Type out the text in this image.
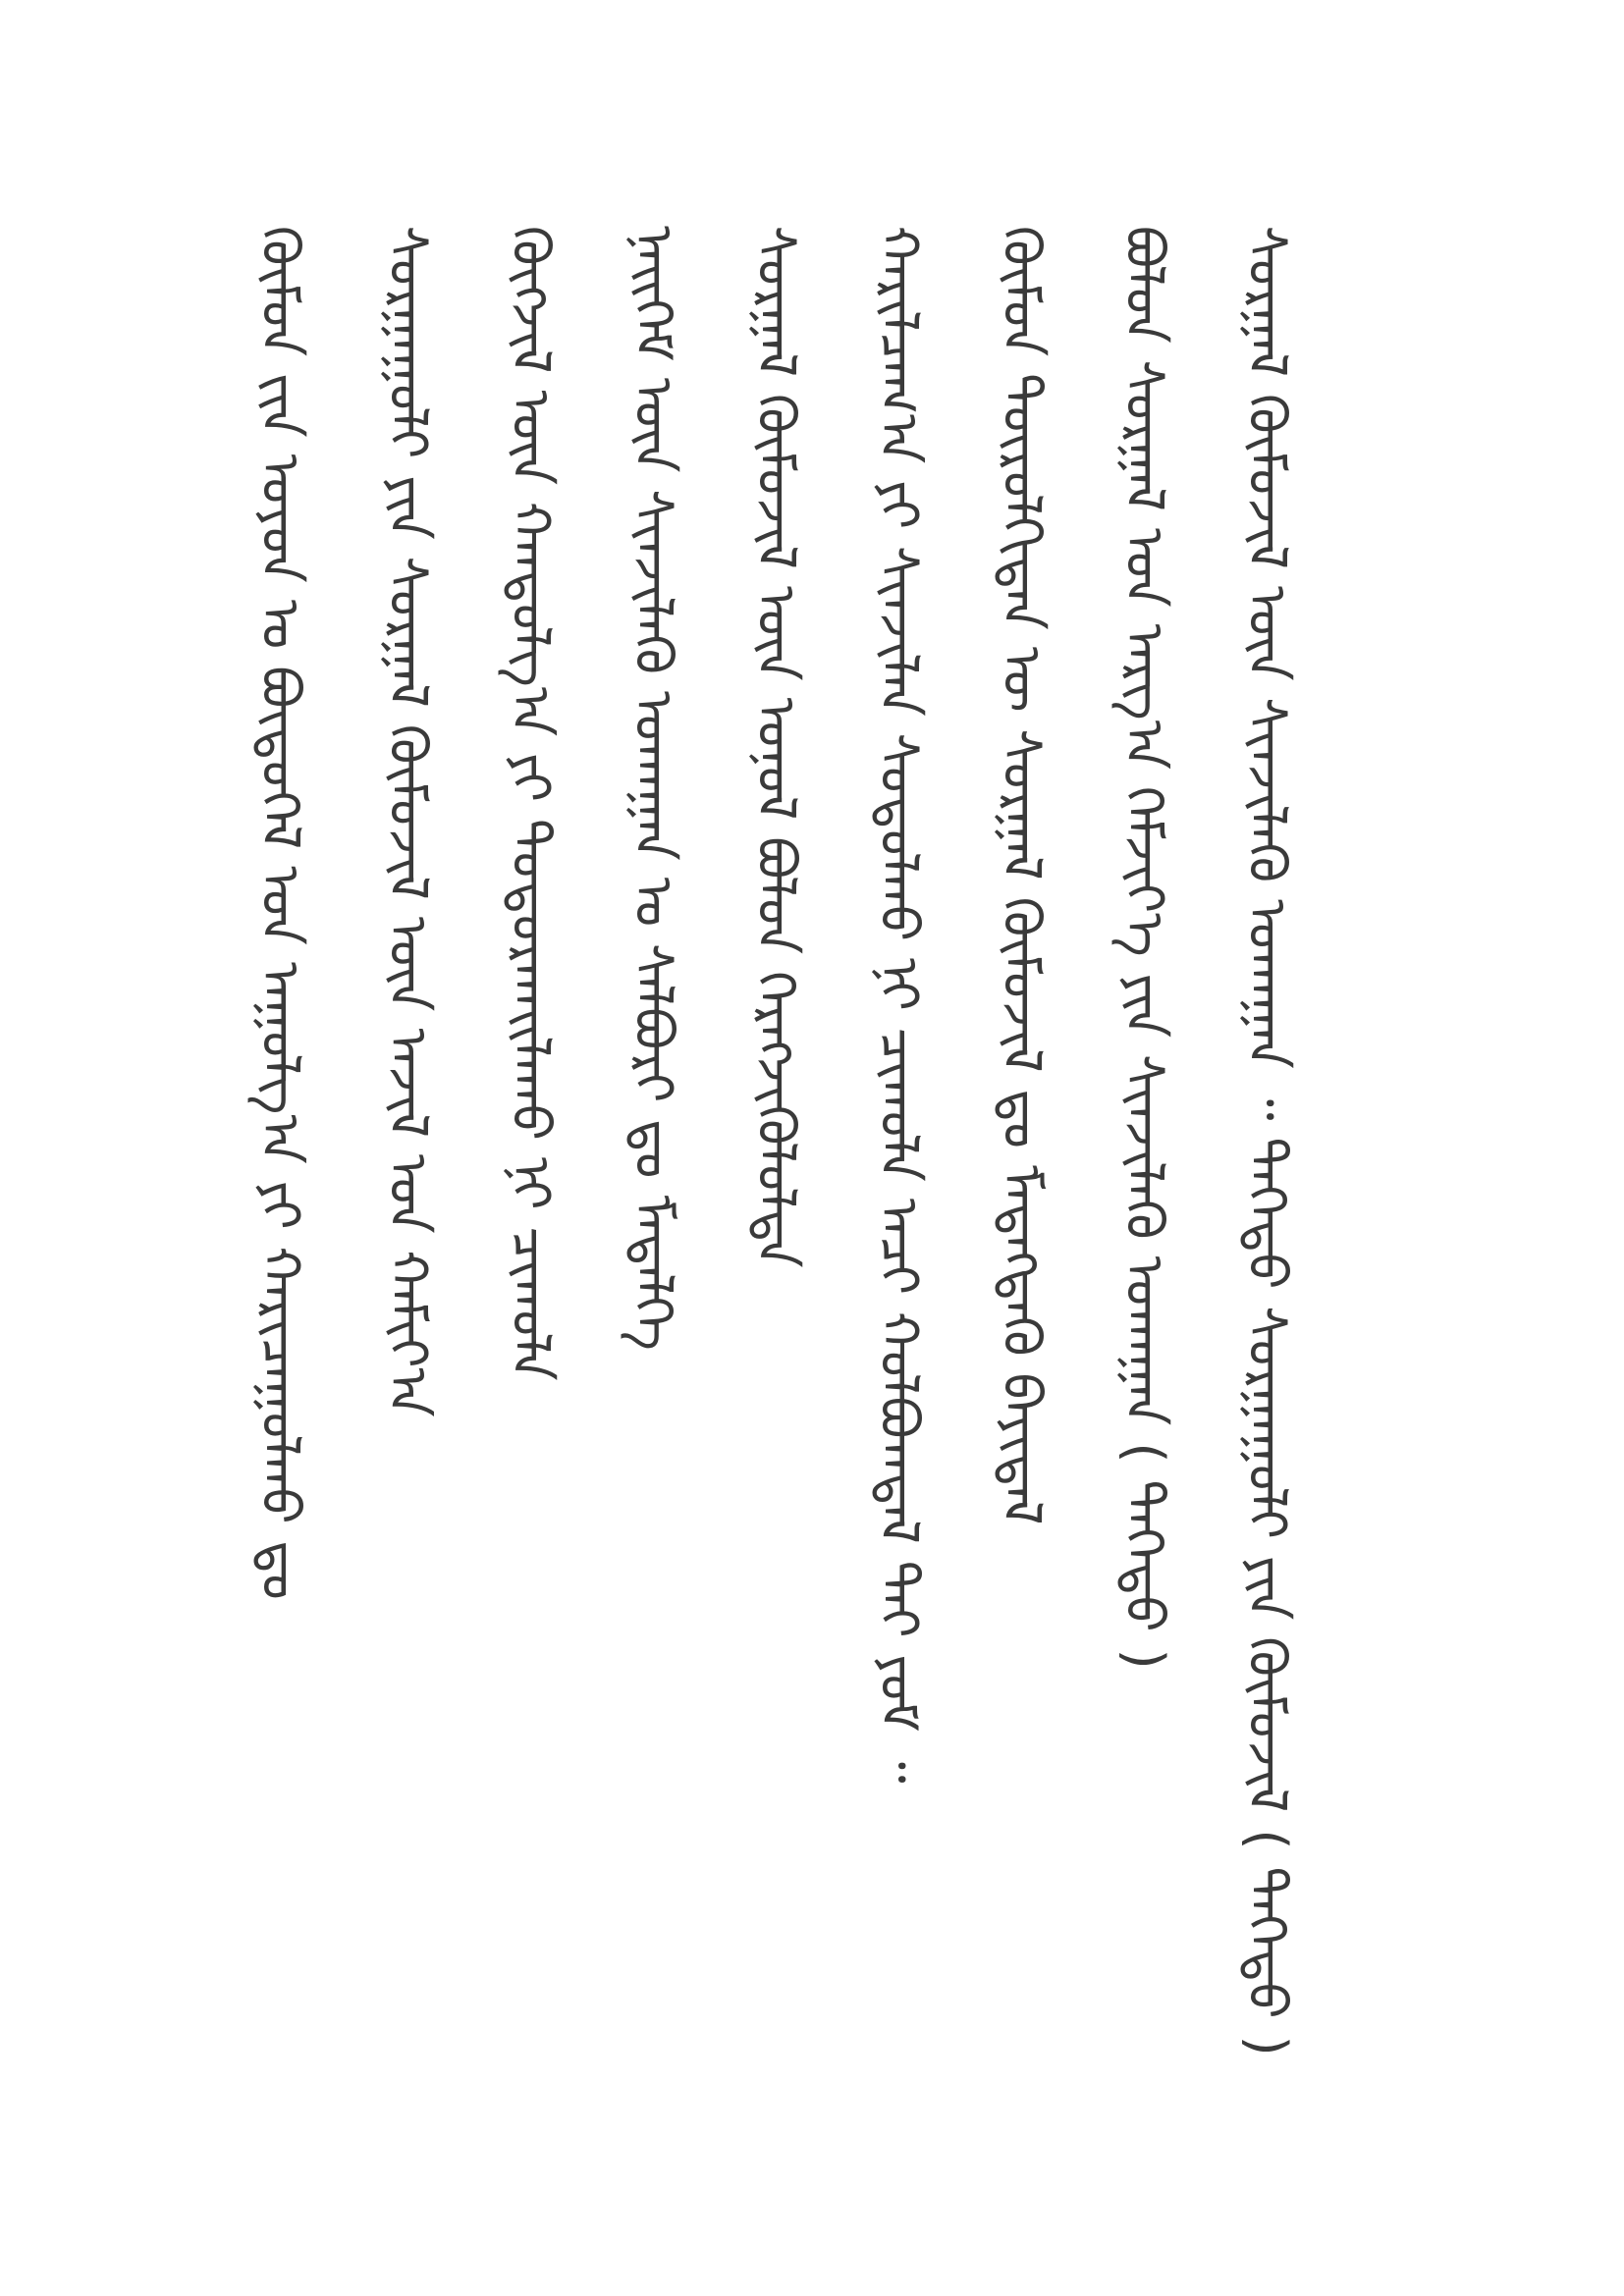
ᠬᠥᠮᠥᠨ ᠵᠢᠨ ᠣᠶᠤᠨ ᠤ ᠪᠦᠲᠦᠭᠡᠯ ᠤᠨ ᠠᠭᠤᠯᠭ᠎ᠠ ᠶᠢ ᠬᠠᠷᠢᠴᠠᠭᠤᠯᠬᠤ ᠳᠤ ᠰᠤᠷᠭᠠᠭᠤᠯᠢ ᠶᠢᠨ ᠰᠤᠷᠭᠠᠯ ᠬᠦᠮᠦᠵᠢᠯ ᠦᠨ ᠠᠵᠢᠯ ᠤᠨ ᠬᠠᠮᠢᠶ᠎ᠠ ᠬᠥᠭᠵᠢᠯ ᠦᠨ ᠬᠠᠨᠳᠤᠯᠭ᠎ᠠ ᠶᠢ ᠲᠣᠳᠤᠷᠬᠠᠢᠯᠠᠬᠤ ᠨᠢ ᠴᠢᠬᠤᠯᠠ ᠨᠡᠢᠭᠡᠮ ᠦᠨ ᠰᠢᠨᠵᠢᠯᠡᠬᠦ ᠤᠬᠠᠭᠠᠨ ᠤ ᠰᠠᠯᠪᠤᠷᠢ ᠳᠤ ᠮᠡᠳᠡᠯᠭᠡ ᠰᠤᠷᠭᠠᠯ ᠬᠦᠮᠦᠵᠢᠯ ᠦᠨ ᠣᠨᠤᠯ ᠪᠣᠯᠣᠨ ᠬᠡᠷᠡᠭᠵᠢᠭᠦᠯᠦᠯᠲᠡ ᠬᠠᠷᠢᠯᠴᠠᠭ᠎ᠠ ᠶᠢ ᠰᠢᠨᠵᠢᠯᠡᠨ ᠰᠤᠳᠤᠯᠬᠤ ᠨᠢ ᠴᠢᠬᠤᠯᠠ ᠠᠴᠢ ᠬᠣᠯᠪᠣᠭᠳᠠᠯ ᠲᠠᠢ ᠶᠤᠮ ᠃ ᠬᠥᠮᠥᠨ ᠲᠥᠷᠦᠯᠬᠢᠲᠡᠨ ᠦ ᠰᠤᠷᠭᠠᠯ ᠬᠦᠮᠦᠵᠢᠯ ᠳᠤ ᠮᠡᠳᠡᠭᠳᠡᠬᠦ ᠪᠠᠶᠢᠳᠠᠯ ᠪᠣᠯᠣᠨ ᠰᠤᠷᠭᠠᠯ ᠤᠨ ᠠᠷᠭ᠎ᠠ ᠬᠡᠮᠵᠢᠶ᠎ᠡ ᠶᠢᠨ ᠰᠢᠨᠵᠢᠯᠡᠬᠦ ᠤᠬᠠᠭᠠᠨ ( ᠳᠡᠭᠡᠳᠦ ) ᠰᠤᠷᠭᠠᠯ ᠬᠦᠮᠦᠵᠢᠯ ᠦᠨ ᠰᠢᠨᠵᠢᠯᠡᠬᠦ ᠤᠬᠠᠭᠠᠨ ᠃ ᠳᠡᠭᠡᠳᠦ ᠰᠤᠷᠭᠠᠭᠤᠯᠢ ᠶᠢᠨ ᠬᠦᠮᠦᠵᠢᠯ ( ᠳᠡᠭᠡᠳᠦ )
